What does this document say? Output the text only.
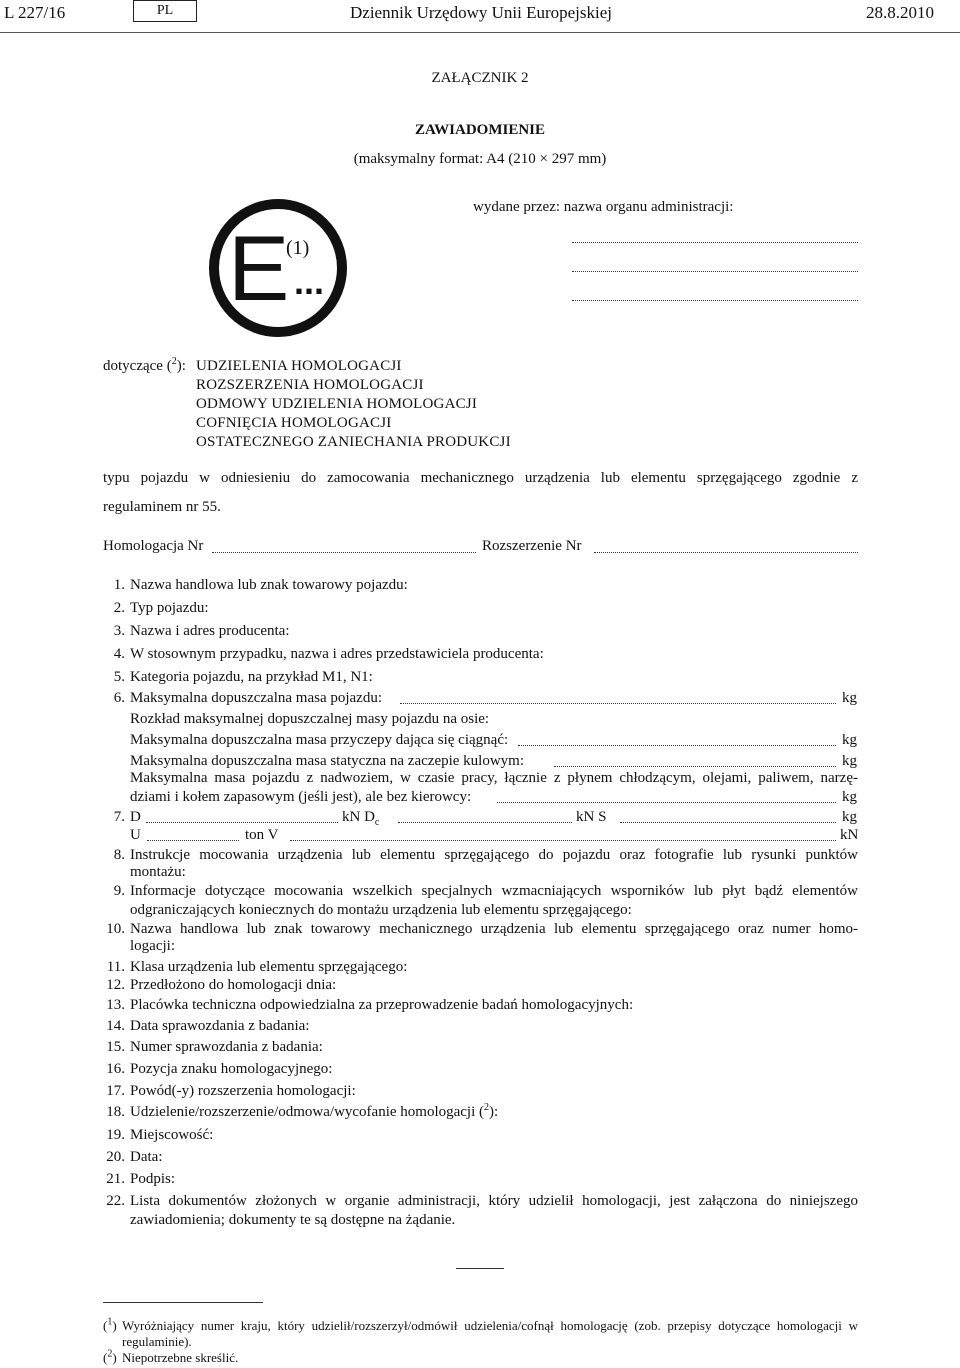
L 227/16	PL	Dziennik Urzędowy Unii Europejskiej	28.8.2010
ZAŁĄCZNIK 2
ZAWIADOMIENIE
(maksymalny format: A4 (210 × 297 mm)
E
(1)
...
wydane przez: nazwa organu administracji:
dotyczące ($^2$): UDZIELENIA HOMOLOGACJI
ROZSZERZENIA HOMOLOGACJI
ODMOWY UDZIELENIA HOMOLOGACJI
COFNIĘCIA HOMOLOGACJI
OSTATECZNEGO ZANIECHANIA PRODUKCJI
typu pojazdu w odniesieniu do zamocowania mechanicznego urządzenia lub elementu sprzęgającego zgodnie z
regulaminem nr 55.
Homologacja Nr	Rozszerzenie Nr
1. Nazwa handlowa lub znak towarowy pojazdu:
2. Typ pojazdu:
3. Nazwa i adres producenta:
4. W stosownym przypadku, nazwa i adres przedstawiciela producenta:
5. Kategoria pojazdu, na przykład M1, N1:
6. Maksymalna dopuszczalna masa pojazdu:	kg
Rozkład maksymalnej dopuszczalnej masy pojazdu na osie:
Maksymalna dopuszczalna masa przyczepy dająca się ciągnąć:	kg
Maksymalna dopuszczalna masa statyczna na zaczepie kulowym:	kg
Maksymalna masa pojazdu z nadwoziem, w czasie pracy, łącznie z płynem chłodzącym, olejami, paliwem, narzę-
dziami i kołem zapasowym (jeśli jest), ale bez kierowcy:	kg
7. D	kN $D_c$	kN S	kg
U	ton V	kN
8. Instrukcje mocowania urządzenia lub elementu sprzęgającego do pojazdu oraz fotografie lub rysunki punktów
montażu:
9. Informacje dotyczące mocowania wszelkich specjalnych wzmacniających wsporników lub płyt bądź elementów
odgraniczających koniecznych do montażu urządzenia lub elementu sprzęgającego:
10. Nazwa handlowa lub znak towarowy mechanicznego urządzenia lub elementu sprzęgającego oraz numer homo-
logacji:
11. Klasa urządzenia lub elementu sprzęgającego:
12. Przedłożono do homologacji dnia:
13. Placówka techniczna odpowiedzialna za przeprowadzenie badań homologacyjnych:
14. Data sprawozdania z badania:
15. Numer sprawozdania z badania:
16. Pozycja znaku homologacyjnego:
17. Powód(-y) rozszerzenia homologacji:
18. Udzielenie/rozszerzenie/odmowa/wycofanie homologacji ($^2$):
19. Miejscowość:
20. Data:
21. Podpis:
22. Lista dokumentów złożonych w organie administracji, który udzielił homologacji, jest załączona do niniejszego
zawiadomienia; dokumenty te są dostępne na żądanie.
($^1$) Wyróżniający numer kraju, który udzielił/rozszerzył/odmówił udzielenia/cofnął homologację (zob. przepisy dotyczące homologacji w
regulaminie).
($^2$) Niepotrzebne skreślić.
